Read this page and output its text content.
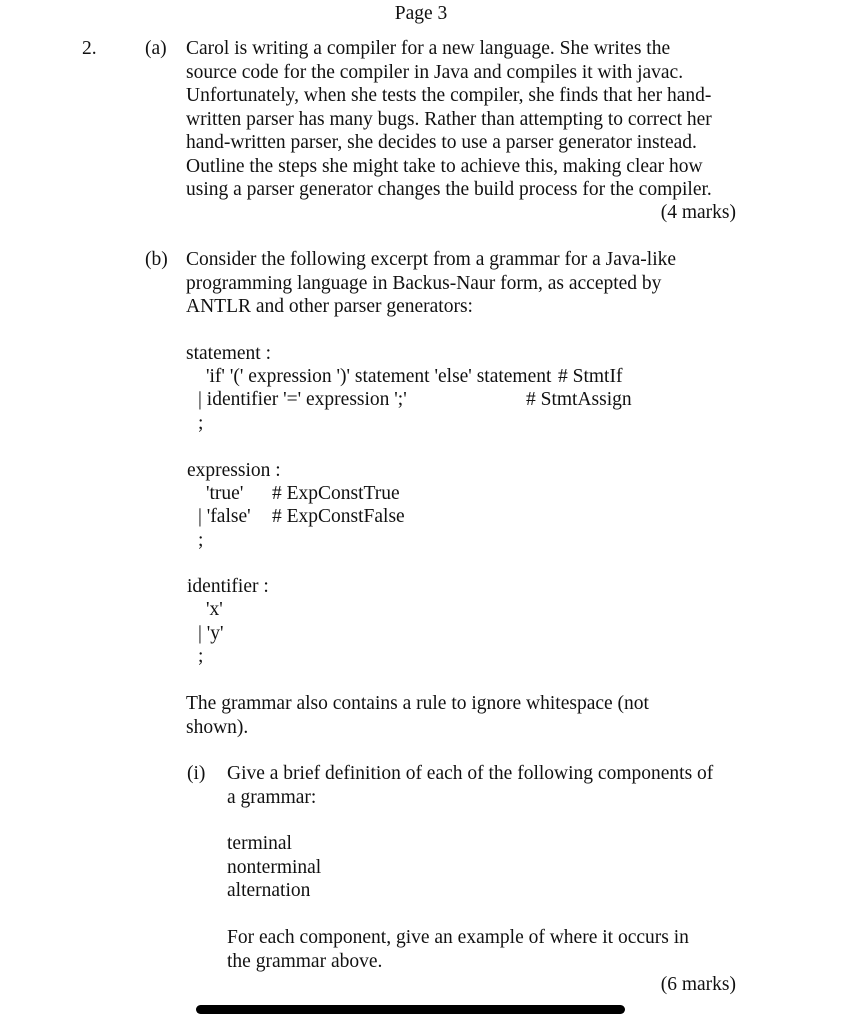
Page 3
2. (a) Carol is writing a compiler for a new language. She writes the
source code for the compiler in Java and compiles it with javac.
Unfortunately, when she tests the compiler, she finds that her hand-
written parser has many bugs. Rather than attempting to correct her
hand-written parser, she decides to use a parser generator instead.
Outline the steps she might take to achieve this, making clear how
using a parser generator changes the build process for the compiler.
(4 marks)
(b) Consider the following excerpt from a grammar for a Java-like
programming language in Backus-Naur form, as accepted by
ANTLR and other parser generators:
statement :
'if' '(' expression ')' statement 'else' statement # StmtIf
| identifier '=' expression ';'	# StmtAssign
;
expression :
'true' # ExpConstTrue
| 'false' # ExpConstFalse
;
identifier :
'x'
| 'y'
;
The grammar also contains a rule to ignore whitespace (not
shown).
(i) Give a brief definition of each of the following components of
a grammar:
terminal
nonterminal
alternation
For each component, give an example of where it occurs in
the grammar above.
(6 marks)
